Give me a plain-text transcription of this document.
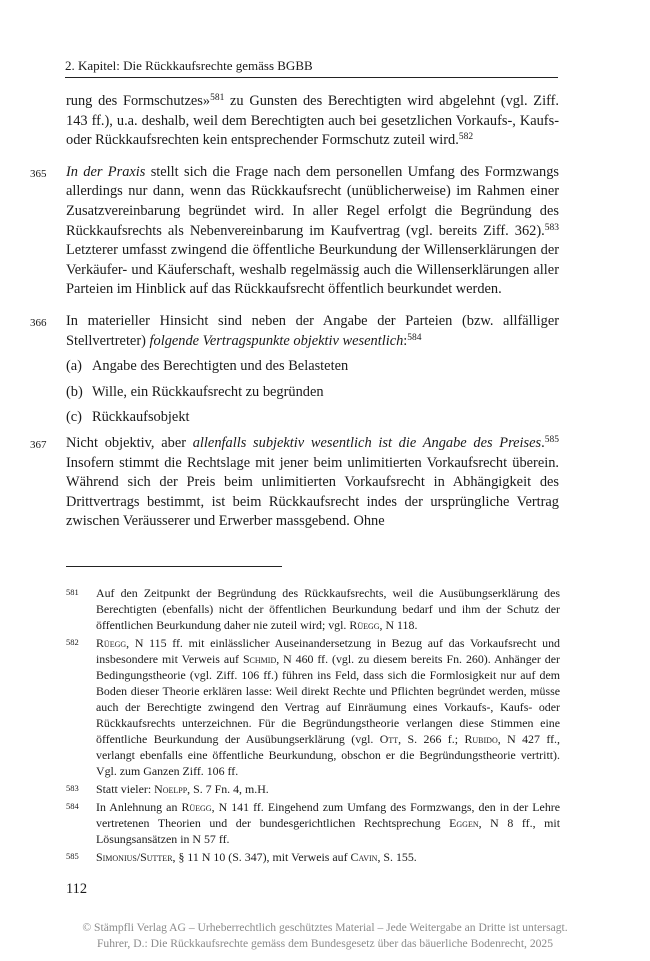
2. Kapitel: Die Rückkaufsrechte gemäss BGBB

rung des Formschutzes»$^{581}$ zu Gunsten des Berechtigten wird abgelehnt (vgl. Ziff. 143 ff.), u.a. deshalb, weil dem Berechtigten auch bei gesetzlichen Vorkaufs-, Kaufs- oder Rückkaufsrechten kein entsprechender Formschutz zuteil wird.$^{582}$

365 In der Praxis stellt sich die Frage nach dem personellen Umfang des Formzwangs allerdings nur dann, wenn das Rückkaufsrecht (unüblicherweise) im Rahmen einer Zusatzvereinbarung begründet wird. In aller Regel erfolgt die Begründung des Rückkaufsrechts als Nebenvereinbarung im Kaufvertrag (vgl. bereits Ziff. 362).$^{583}$ Letzterer umfasst zwingend die öffentliche Beurkundung der Willenserklärungen der Verkäufer- und Käuferschaft, weshalb regelmässig auch die Willenserklärungen aller Parteien im Hinblick auf das Rückkaufsrecht öffentlich beurkundet werden.

366 In materieller Hinsicht sind neben der Angabe der Parteien (bzw. allfälliger Stellvertreter) folgende Vertragspunkte objektiv wesentlich:$^{584}$

(a) Angabe des Berechtigten und des Belasteten
(b) Wille, ein Rückkaufsrecht zu begründen
(c) Rückkaufsobjekt

367 Nicht objektiv, aber allenfalls subjektiv wesentlich ist die Angabe des Preises.$^{585}$ Insofern stimmt die Rechtslage mit jener beim unlimitierten Vorkaufsrecht überein. Während sich der Preis beim unlimitierten Vorkaufsrecht in Abhängigkeit des Drittvertrags bestimmt, ist beim Rückkaufsrecht indes der ursprüngliche Vertrag zwischen Veräusserer und Erwerber massgebend. Ohne

581	Auf den Zeitpunkt der Begründung des Rückkaufsrechts, weil die Ausübungserklärung des Berechtigten (ebenfalls) nicht der öffentlichen Beurkundung bedarf und ihm der Schutz der öffentlichen Beurkundung daher nie zuteil wird; vgl. Rüegg, N 118.
582	Rüegg, N 115 ff. mit einlässlicher Auseinandersetzung in Bezug auf das Vorkaufsrecht und insbesondere mit Verweis auf Schmid, N 460 ff. (vgl. zu diesem bereits Fn. 260). Anhänger der Bedingungstheorie (vgl. Ziff. 106 ff.) führen ins Feld, dass sich die Formlosigkeit nur auf dem Boden dieser Theorie erklären lasse: Weil direkt Rechte und Pflichten begründet werden, müsse auch der Berechtigte zwingend den Vertrag auf Einräumung eines Vorkaufs-, Kaufs- oder Rückkaufsrechts unterzeichnen. Für die Begründungstheorie verlangen diese Stimmen eine öffentliche Beurkundung der Ausübungserklärung (vgl. Ott, S. 266 f.; Rubido, N 427 ff., verlangt ebenfalls eine öffentliche Beurkundung, obschon er die Begründungstheorie vertritt). Vgl. zum Ganzen Ziff. 106 ff.
583	Statt vieler: Noelpp, S. 7 Fn. 4, m.H.
584	In Anlehnung an Rüegg, N 141 ff. Eingehend zum Umfang des Formzwangs, den in der Lehre vertretenen Theorien und der bundesgerichtlichen Rechtsprechung Eggen, N 8 ff., mit Lösungsansätzen in N 57 ff.
585	Simonius/Sutter, § 11 N 10 (S. 347), mit Verweis auf Cavin, S. 155.
112
© Stämpfli Verlag AG – Urheberrechtlich geschütztes Material – Jede Weitergabe an Dritte ist untersagt.
Fuhrer, D.: Die Rückkaufsrechte gemäss dem Bundesgesetz über das bäuerliche Bodenrecht, 2025
